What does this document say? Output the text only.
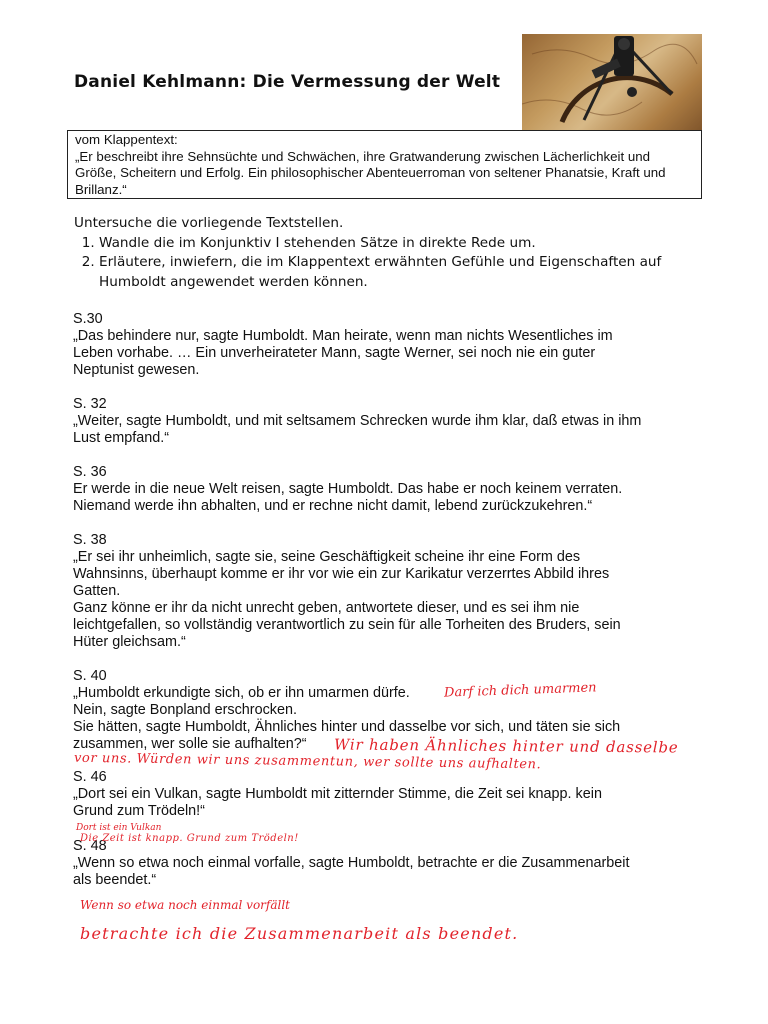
Daniel Kehlmann: Die Vermessung der Welt
vom Klappentext:
„Er beschreibt ihre Sehnsüchte und Schwächen, ihre Gratwanderung zwischen Lächerlichkeit und Größe, Scheitern und Erfolg. Ein philosophischer Abenteuerroman von seltener Phanatsie, Kraft und Brillanz.“
Untersuche die vorliegende Textstellen.
1. Wandle die im Konjunktiv I stehenden Sätze in direkte Rede um.
2. Erläutere, inwiefern, die im Klappentext erwähnten Gefühle und Eigenschaften auf Humboldt angewendet werden können.
S.30
„Das behindere nur, sagte Humboldt. Man heirate, wenn man nichts Wesentliches im
Leben vorhabe. … Ein unverheirateter Mann, sagte Werner, sei noch nie ein guter
Neptunist gewesen.
S. 32
„Weiter, sagte Humboldt, und mit seltsamem Schrecken wurde ihm klar, daß etwas in ihm
Lust empfand.“
S. 36
Er werde in die neue Welt reisen, sagte Humboldt. Das habe er noch keinem verraten.
Niemand werde ihn abhalten, und er rechne nicht damit, lebend zurückzukehren.“
S. 38
„Er sei ihr unheimlich, sagte sie, seine Geschäftigkeit scheine ihr eine Form des
Wahnsinns, überhaupt komme er ihr vor wie ein zur Karikatur verzerrtes Abbild ihres
Gatten.
Ganz könne er ihr da nicht unrecht geben, antwortete dieser, und es sei ihm nie
leichtgefallen, so vollständig verantwortlich zu sein für alle Torheiten des Bruders, sein
Hüter gleichsam.“
S. 40
„Humboldt erkundigte sich, ob er ihn umarmen dürfe.
Nein, sagte Bonpland erschrocken.
Sie hätten, sagte Humboldt, Ähnliches hinter und dasselbe vor sich, und täten sie sich
zusammen, wer solle sie aufhalten?“
S. 46
„Dort sei ein Vulkan, sagte Humboldt mit zitternder Stimme, die Zeit sei knapp. kein
Grund zum Trödeln!“
S. 48
„Wenn so etwa noch einmal vorfalle, sagte Humboldt, betrachte er die Zusammenarbeit
als beendet.“
Darf ich dich umarmen
Wir haben Ähnliches hinter und dasselbe
vor uns. Würden wir uns zusammentun, wer sollte uns aufhalten.
Dort ist ein Vulkan
Die Zeit ist knapp. Grund zum Trödeln!
Wenn so etwa noch einmal vorfällt
betrachte ich die Zusammenarbeit als beendet.
